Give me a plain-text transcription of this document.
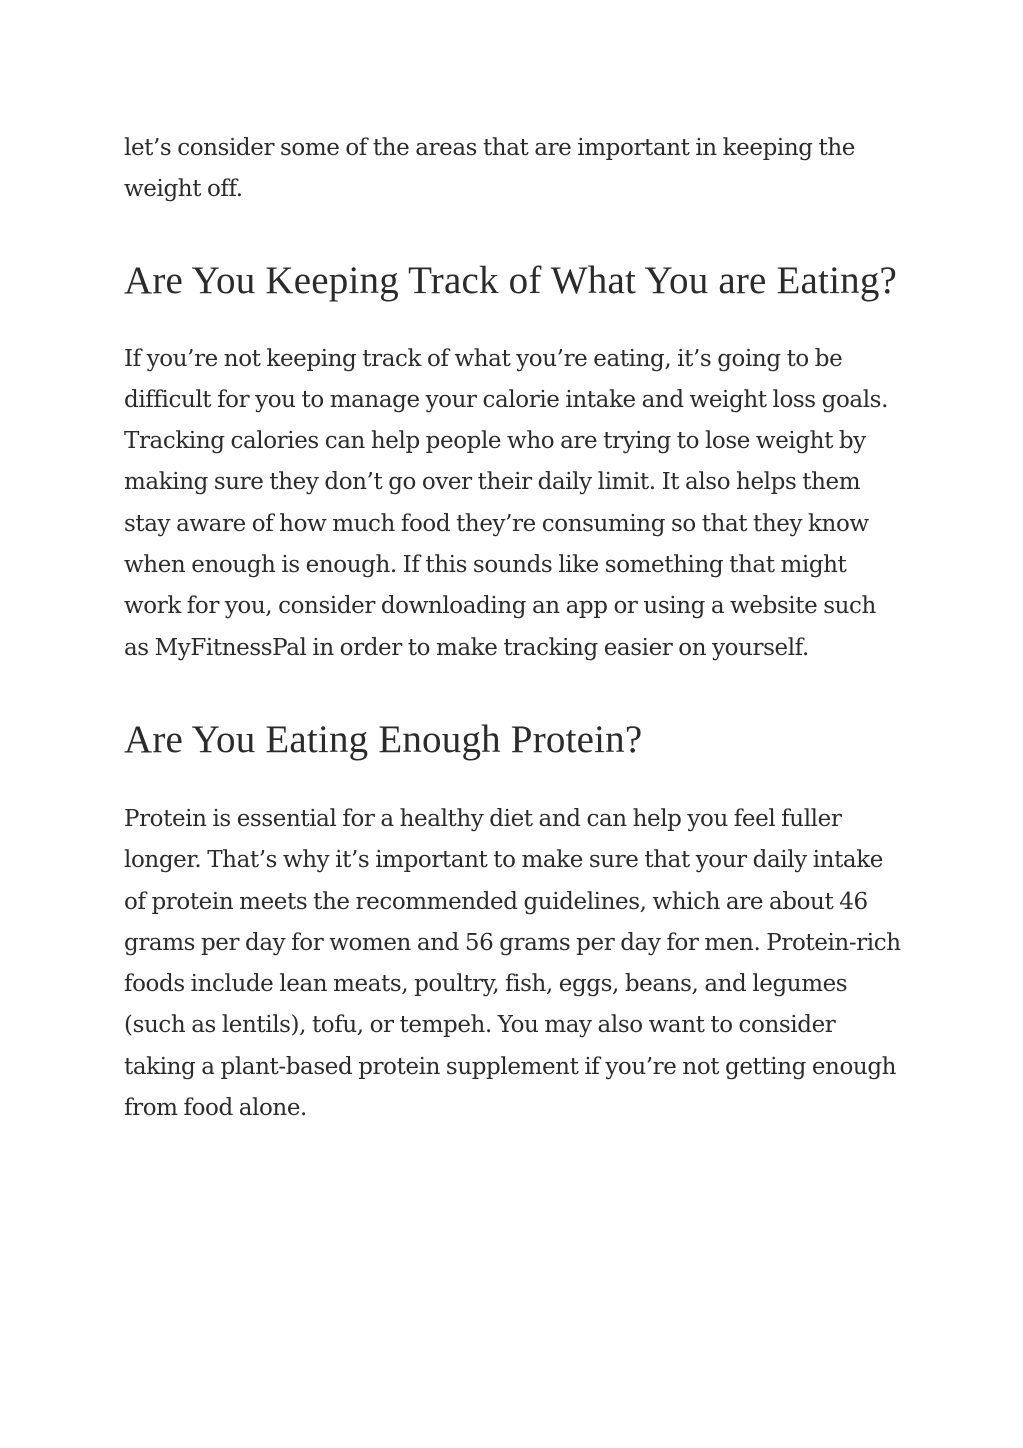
let’s consider some of the areas that are important in keeping the weight off.

Are You Keeping Track of What You are Eating?

If you’re not keeping track of what you’re eating, it’s going to be difficult for you to manage your calorie intake and weight loss goals. Tracking calories can help people who are trying to lose weight by making sure they don’t go over their daily limit. It also helps them stay aware of how much food they’re consuming so that they know when enough is enough. If this sounds like something that might work for you, consider downloading an app or using a website such as MyFitnessPal in order to make tracking easier on yourself.

Are You Eating Enough Protein?

Protein is essential for a healthy diet and can help you feel fuller longer. That’s why it’s important to make sure that your daily intake of protein meets the recommended guidelines, which are about 46 grams per day for women and 56 grams per day for men. Protein-rich foods include lean meats, poultry, fish, eggs, beans, and legumes (such as lentils), tofu, or tempeh. You may also want to consider taking a plant-based protein supplement if you’re not getting enough from food alone.
